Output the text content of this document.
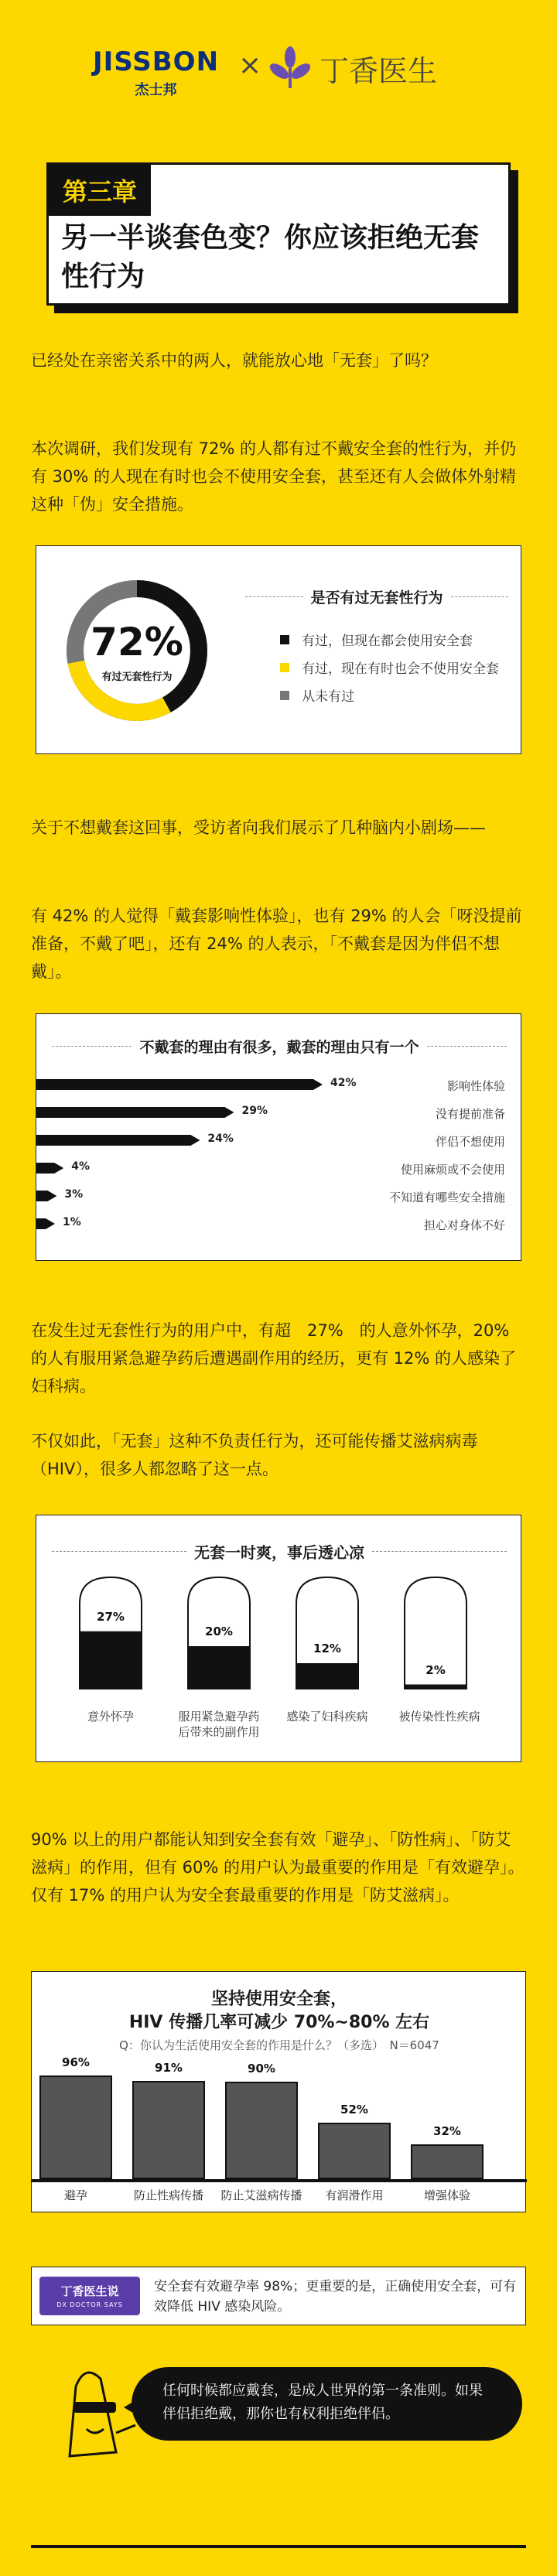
JISSBON
杰士邦
× 丁香医生
第三章
另一半谈套色变？你应该拒绝无套性行为
已经处在亲密关系中的两人，就能放心地「无套」了吗？
本次调研，我们发现有 72% 的人都有过不戴安全套的性行为，并仍有 30% 的人现在有时也会不使用安全套，甚至还有人会做体外射精这种「伪」安全措施。
72%
有过无套性行为
是否有过无套性行为
有过，但现在都会使用安全套
有过，现在有时也会不使用安全套
从未有过
关于不想戴套这回事，受访者向我们展示了几种脑内小剧场——
有 42% 的人觉得「戴套影响性体验」，也有 29% 的人会「呀没提前准备，不戴了吧」，还有 24% 的人表示，「不戴套是因为伴侣不想戴」。
不戴套的理由有很多，戴套的理由只有一个
42%	影响性体验
29%	没有提前准备
24%	伴侣不想使用
4%	使用麻烦或不会使用
3%	不知道有哪些安全措施
1%	担心对身体不好
在发生过无套性行为的用户中，有超　27%　的人意外怀孕，20% 的人有服用紧急避孕药后遭遇副作用的经历，更有 12% 的人感染了妇科病。
不仅如此，「无套」这种不负责任行为，还可能传播艾滋病病毒（HIV），很多人都忽略了这一点。
无套一时爽，事后透心凉
27%
20%
12%
2%
意外怀孕	服用紧急避孕药
后带来的副作用
感染了妇科疾病	被传染性性疾病
90% 以上的用户都能认知到安全套有效「避孕」、「防性病」、「防艾滋病」的作用，但有 60% 的用户认为最重要的作用是「有效避孕」。仅有 17% 的用户认为安全套最重要的作用是「防艾滋病」。
坚持使用安全套，
HIV 传播几率可减少 70%~80% 左右
Q：你认为生活使用安全套的作用是什么？（多选）　N＝6047
96%
避孕
91%
防止性病传播
90%
防止艾滋病传播
52%
有润滑作用
32%
增强体验
丁香医生说
DX DOCTOR SAYS
安全套有效避孕率 98%；更重要的是，正确使用安全套，可有效降低 HIV 感染风险。
任何时候都应戴套，是成人世界的第一条准则。如果伴侣拒绝戴，那你也有权利拒绝伴侣。
